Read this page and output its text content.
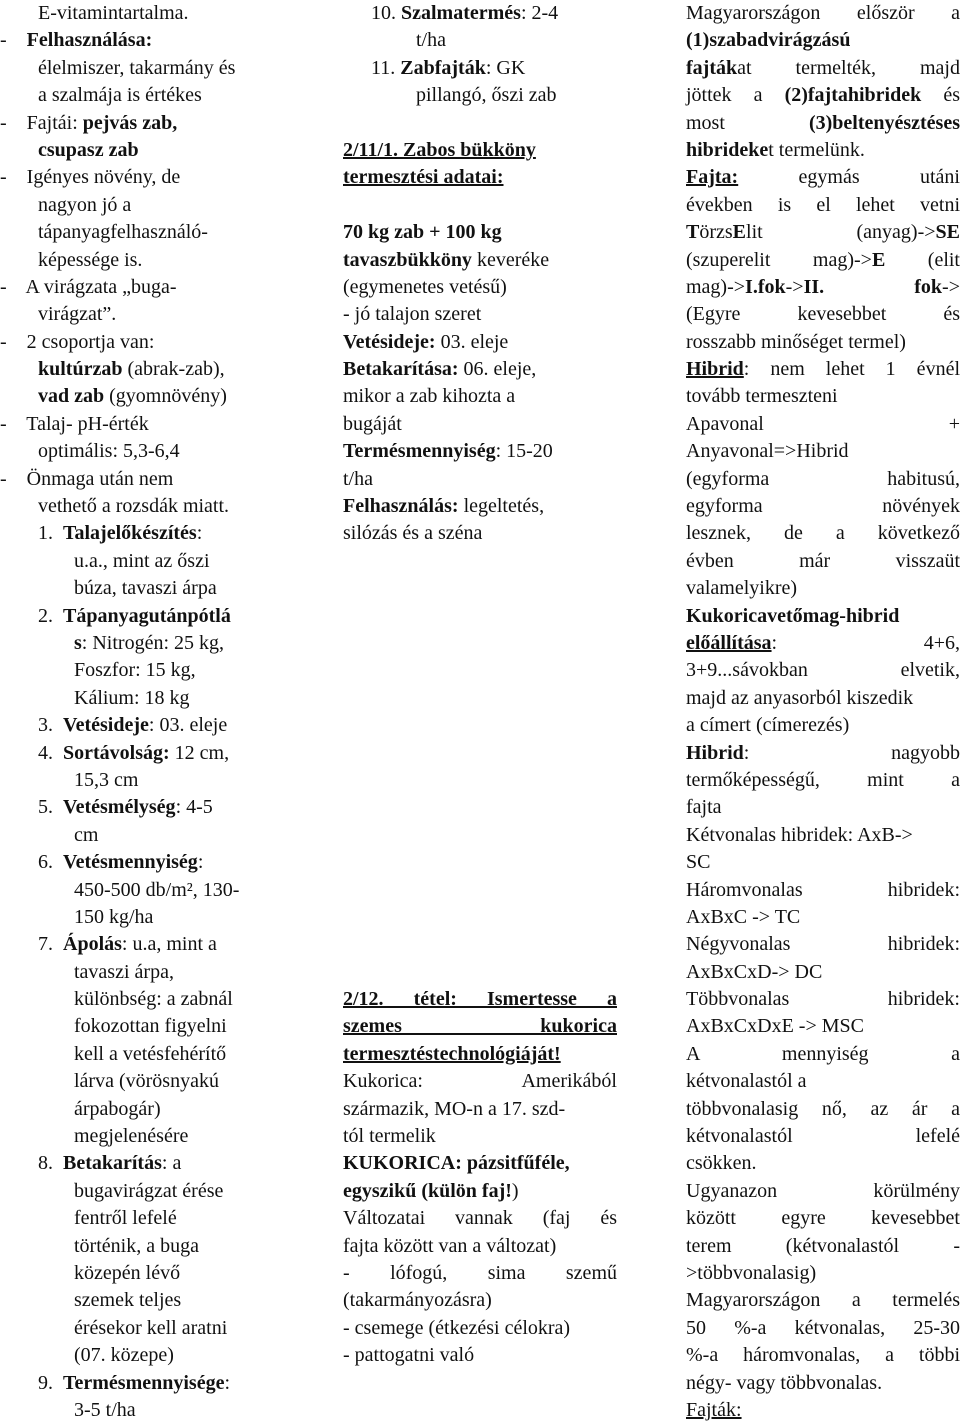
E-vitamintartalma.
-    Felhasználása:
élelmiszer, takarmány és
a szalmája is értékes
-    Fajtái: pejvás zab,
csupasz zab
-    Igényes növény, de
nagyon jó a
tápanyagfelhasználó-
képessége is.
-    A virágzata „buga-
virágzat”.
-    2 csoportja van:
kultúrzab (abrak-zab),
vad zab (gyomnövény)
-    Talaj- pH-érték
optimális: 5,3-6,4
-    Önmaga után nem
vethető a rozsdák miatt.
1.  Talajelőkészítés:
u.a., mint az őszi
búza, tavaszi árpa
2.  Tápanyagutánpótlá
s: Nitrogén: 25 kg,
Foszfor: 15 kg,
Kálium: 18 kg
3.  Vetésideje: 03. eleje
4.  Sortávolság: 12 cm,
15,3 cm
5.  Vetésmélység: 4-5
cm
6.  Vetésmennyiség:
450-500 db/m², 130-
150 kg/ha
7.  Ápolás: u.a, mint a
tavaszi árpa,
különbség: a zabnál
fokozottan figyelni
kell a vetésfehérítő
lárva (vörösnyakú
árpabogár)
megjelenésére
8.  Betakarítás: a
bugavirágzat érése
fentről lefelé
történik, a buga
közepén lévő
szemek teljes
érésekor kell aratni
(07. közepe)
9.  Termésmennyisége:
3-5 t/ha
10. Szalmatermés: 2-4
t/ha
11. Zabfajták: GK
pillangó, őszi zab
2/11/1. Zabos bükköny
termesztési adatai:
70 kg zab + 100 kg
tavaszbükköny keveréke
(egymenetes vetésű)
- jó talajon szeret
Vetésideje: 03. eleje
Betakarítása: 06. eleje,
mikor a zab kihozta a
bugáját
Termésmennyiség: 15-20
t/ha
Felhasználás: legeltetés,
silózás és a széna
2/12. tétel: Ismertesse a
szemes kukorica
termesztéstechnológiáját!
Kukorica: Amerikából
származik, MO-n a 17. szd-
tól termelik
KUKORICA: pázsitfűféle,
egyszikű (külön faj!)
Változatai vannak (faj és
fajta között van a változat)
- lófogú, sima szemű
(takarmányozásra)
- csemege (étkezési célokra)
- pattogatni való
Magyarországon először a
(1)szabadvirágzású
fajtákat termelték, majd
jöttek a (2)fajtahibridek és
most (3)beltenyésztéses
hibrideket termelünk.
Fajta: egymás utáni
években is el lehet vetni
TörzsElit (anyag)->SE
(szuperelit mag)->E (elit
mag)->I.fok->II.	fok->
(Egyre kevesebbet és
rosszabb minőséget termel)
Hibrid: nem lehet 1 évnél
tovább termeszteni
Apavonal +
Anyavonal=>Hibrid
(egyforma habitusú,
egyforma növények
lesznek, de a következő
évben már visszaüt
valamelyikre)
Kukoricavetőmag-hibrid
előállítása: 4+6,
3+9...sávokban elvetik,
majd az anyasorból kiszedik
a címert (címerezés)
Hibrid: nagyobb
termőképességű, mint a
fajta
Kétvonalas hibridek: AxB->
SC
Háromvonalas hibridek:
AxBxC -> TC
Négyvonalas hibridek:
AxBxCxD-> DC
Többvonalas hibridek:
AxBxCxDxE -> MSC
A mennyiség a
kétvonalastól a
többvonalasig nő, az ár a
kétvonalastól lefelé
csökken.
Ugyanazon körülmény
között egyre kevesebbet
terem (kétvonalastól -
>többvonalasig)
Magyarországon a termelés
50 %-a kétvonalas, 25-30
%-a háromvonalas, a többi
négy- vagy többvonalas.
Fajták:
